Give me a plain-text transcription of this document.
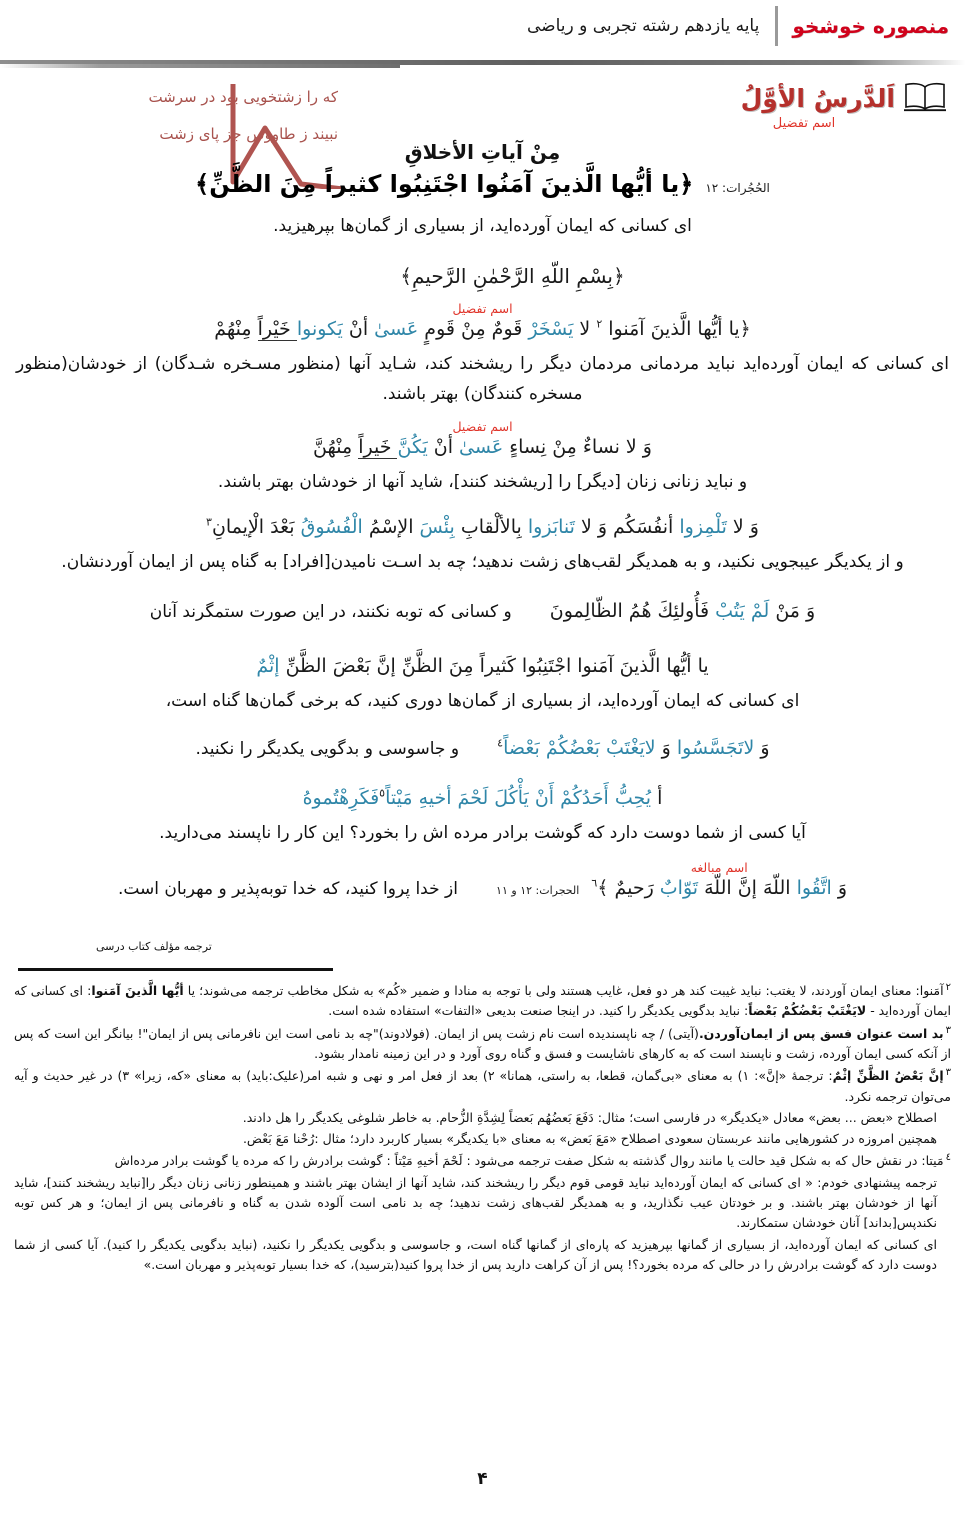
منصوره خوشخو
پایه یازدهم رشته تجربی و ریاضی
اَلدَّرسُ الأوَّلُ
اسم تفضیل
که را زشتخویی بود در سرشت
نبیند ز طاووس جز پای زشت
مِنْ آیاتِ الأخلاقِ
الحُجُرات: ۱۲
﴿یا أیُّها الَّذینَ آمَنُوا اجْتَنِبُوا کثیراً مِنَ الظَّنِّ﴾
ای کسانی که ایمان آورده‌اید، از بسیاری از گمان‌ها بپرهیزید.
﴿بِسْمِ اللّهِ الرَّحْمٰنِ الرَّحیمِ﴾
اسم تفضیل
﴿یا أیُّها الَّذینَ آمَنوا $^۲$ لا یَسْخَرْ قَومٌ مِنْ قَومٍ عَسیٰ أنْ یَکونوا خَیْراً مِنْهُمْ
ای کسانی که ایمان آورده‌اید نباید مردمانی مردمان دیگر را ریشخند کند، شـاید آنها (منظور مسـخره شـدگان) از خودشان(منظور مسخره کنندگان) بهتر باشند.
اسم تفضیل
وَ لا نساءٌ مِنْ نِساءٍ عَسیٰ أنْ یَکُنَّ خَیراً مِنْهُنَّ
و نباید زنانی زنان [دیگر] را [ریشخند کنند]، شاید آنها از خودشان بهتر باشند.
وَ لا تَلْمِزوا أنفُسَکُم وَ لا تَنابَزوا بِالألْقابِ بِئْسَ الإسْمُ الْفُسُوقُ بَعْدَ الْإیمانِ$^۳$
و از یکدیگر عیبجویی نکنید، و به همدیگر لقب‌های زشت ندهید؛ چه بد اسـت نامیدن[افراد] به گناه پس از ایمان آوردنشان.
وَ مَنْ لَمْ یَتُبْ فَأُولئِكَ هُمُ الظّالِمونَ  و کسانی که توبه نکنند، در این صورت ستمگرند آنان
یا أیُّها الَّذینَ آمَنوا اجْتَنِبُوا کَثیراً مِنَ الظَّنِّ إنَّ بَعْضَ الظَّنِّ إثْمٌ
ای کسانی که ایمان آورده‌اید، از بسیاری از گمان‌ها دوری کنید، که برخی گمان‌ها گناه است،
وَ لاتَجَسَّسُوا وَ لایَغْتَبْ بَعْضُکُمْ بَعْضاً$^٤$  و جاسوسی و بدگویی یکدیگر را نکنید.
أ یُحِبُّ أَحَدُکُمْ أَنْ یَأْکُلَ لَحْمَ أخیهِ مَیْتاً$^٥$فَکَرِهْتُموهُ
آیا کسی از شما دوست دارد که گوشت برادر مرده اش را بخورد؟ این کار را ناپسند می‌دارید.
اسم مبالغه
وَ اتَّقُوا اللّهَ إنَّ اللّهَ تَوّابٌ رَحیمٌ ﴾$^٦$ الحجرات: ۱۲ و ۱۱  از خدا پروا کنید، که خدا توبه‌پذیر و مهربان است.
ترجمه مؤلف کتاب درسی

$^۲$آمَنوا: معنای ایمان آوردند، لا یغتب: نباید غیبت کند هر دو فعل، غایب هستند ولی با توجه به منادا و ضمیر «کُم» به شکل مخاطب ترجمه می‌شوند؛ یا أیُّها الَّذینَ آمَنوا: ای کسانی که ایمان آورده‌اید - لایَغْتَبْ بَعْضُکُمْ بَعْضاً: نباید بدگویی یکدیگر را کنید. در اینجا صنعت بدیعی «التفات» استفاده شده است.

$^۳$بد است عنوان فسق پس از ایمان‌آوردن.(آیتی) / چه ناپسندیده است نام زشت پس از ایمان. (فولادوند)"چه بد نامی است این نافرمانی پس از ایمان"! بیانگر این است که پس از آنکه کسی ایمان آورده، زشت و ناپسند است که به کارهای ناشایست و فسق و گناه روی آورد و در این زمینه نامدار بشود.

$^۳$إنَّ بَعْضُ الظَّنِّ إثْمٌ: ترجمهٔ «إنَّ»: ۱) به معنای «بی‌گمان، قطعا، به راستی، همانا» ۲) بعد از فعل امر و نهی و شبه امر(علیک:باید) به معنای «که، زیرا» ۳) در غیر حدیث و آیه می‌توان ترجمه نکرد.

اصطلاح «بعض ... بعض» معادل «یکدیگر» در فارسی است؛ مثال: دَفَعَ بَعضُهُم بَعضاً لِشِدَّةِ الزُّحام. به خاطر شلوغی یکدیگر را هل دادند.

همچنین امروزه در کشورهایی مانند عربستان سعودی اصطلاح «مَعَ بَعض» به معنای «با یکدیگر» بسیار کاربرد دارد؛ مثال :رُحْنا مَعَ بَعْض.

$^٤$مَیتا: در نقش حال که به شکل قید حالت یا مانند روال گذشته به شکل صفت ترجمه می‌شود : لَحْمَ أخیهِ مَیْتاً : گوشت برادرش را که مرده یا گوشت برادر مرده‌اش

ترجمه پیشنهادی خودم: « ای کسانی که ایمان آورده‌اید نباید قومی قوم دیگر را ریشخند کند، شاید آنها از ایشان بهتر باشند و همینطور زنانی زنان دیگر را[نباید ریشخند کنند]، شاید آنها از خودشان بهتر باشند. و بر خودتان عیب نگذارید، و به همدیگر لقب‌های زشت ندهید؛ چه بد نامی است آلوده شدن به گناه و نافرمانی پس از ایمان؛ و هر کس توبه نکندپس[بداند] آنان خودشان ستمکارند.

ای کسانی که ایمان آورده‌اید، از بسیاری از گمانها بپرهیزید که پاره‌ای از گمانها گناه است، و جاسوسی و بدگویی یکدیگر را نکنید، (نباید بدگویی یکدیگر را کنید). آیا کسی از شما دوست دارد که گوشت برادرش را در حالی که مرده بخورد؟! پس از آن کراهت دارید پس از خدا پروا کنید(بترسید)، که خدا بسیار توبه‌پذیر و مهربان است.»

۴
